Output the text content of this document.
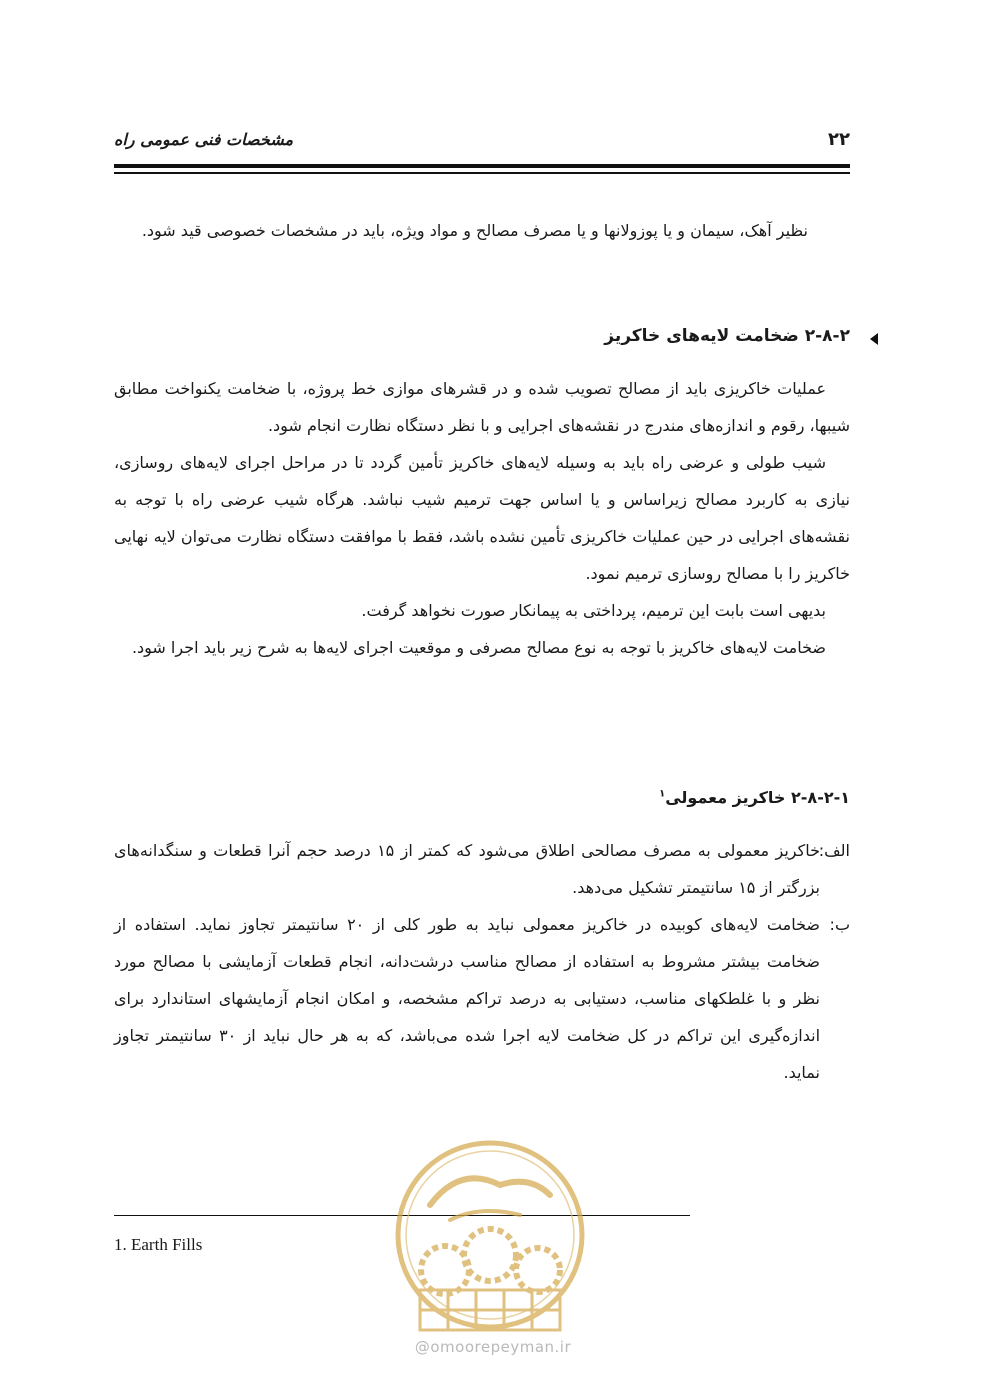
مشخصات فنی عمومی راه	۲۲

نظیر آهک، سیمان و یا پوزولانها و یا مصرف مصالح و مواد ویژه، باید در مشخصات خصوصی قید شود.

۲-۸-۲ ضخامت لایه‌های خاکریز

عملیات خاکریزی باید از مصالح تصویب شده و در قشرهای موازی خط پروژه، با ضخامت یکنواخت مطابق شیبها، رقوم و اندازه‌های مندرج در نقشه‌های اجرایی و با نظر دستگاه نظارت انجام شود.

شیب طولی و عرضی راه باید به وسیله لایه‌های خاکریز تأمین گردد تا در مراحل اجرای لایه‌های روسازی، نیازی به کاربرد مصالح زیراساس و یا اساس جهت ترمیم شیب نباشد. هرگاه شیب عرضی راه با توجه به نقشه‌های اجرایی در حین عملیات خاکریزی تأمین نشده باشد، فقط با موافقت دستگاه نظارت می‌توان لایه نهایی خاکریز را با مصالح روسازی ترمیم نمود.

بدیهی است بابت این ترمیم، پرداختی به پیمانکار صورت نخواهد گرفت.

ضخامت لایه‌های خاکریز با توجه به نوع مصالح مصرفی و موقعیت اجرای لایه‌ها به شرح زیر باید اجرا شود.

۲-۸-۲-۱ خاکریز معمولی$^۱$
الف:

خاکریز معمولی به مصرف مصالحی اطلاق می‌شود که کمتر از ۱۵ درصد حجم آنرا قطعات و سنگدانه‌های بزرگتر از ۱۵ سانتیمتر تشکیل می‌دهد.

ب:

ضخامت لایه‌های کوبیده در خاکریز معمولی نباید به طور کلی از ۲۰ سانتیمتر تجاوز نماید. استفاده از ضخامت بیشتر مشروط به استفاده از مصالح مناسب درشت‌دانه، انجام قطعات آزمایشی با مصالح مورد نظر و با غلطکهای مناسب، دستیابی به درصد تراکم مشخصه، و امکان انجام آزمایشهای استاندارد برای اندازه‌گیری این تراکم در کل ضخامت لایه اجرا شده می‌باشد، که به هر حال نباید از ۳۰ سانتیمتر تجاوز نماید.

1. Earth Fills
@omoorepeyman.ir
